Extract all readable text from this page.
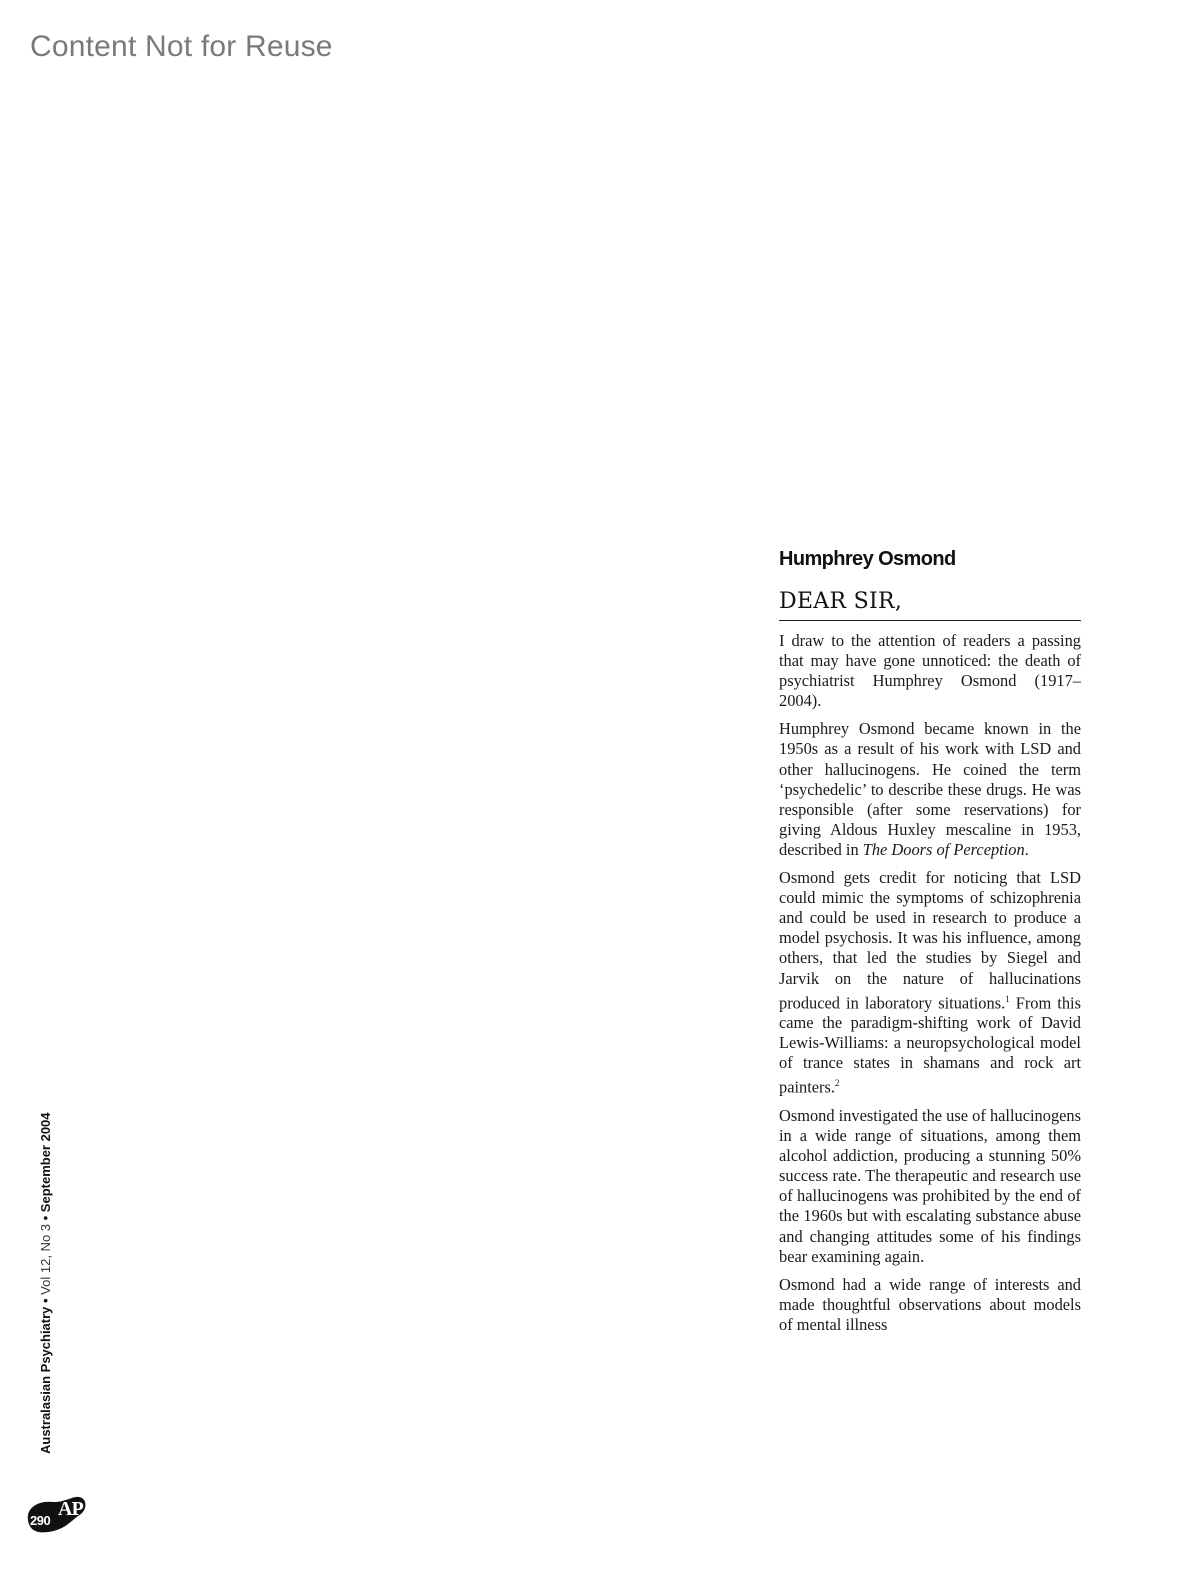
Content Not for Reuse
Humphrey Osmond
DEAR SIR,

I draw to the attention of readers a passing that may have gone unnoticed: the death of psychiatrist Humphrey Osmond (1917–2004).

Humphrey Osmond became known in the 1950s as a result of his work with LSD and other hallucinogens. He coined the term ‘psychedelic’ to describe these drugs. He was responsible (after some reservations) for giving Aldous Huxley mescaline in 1953, described in The Doors of Perception.

Osmond gets credit for noticing that LSD could mimic the symptoms of schizophrenia and could be used in research to produce a model psychosis. It was his influence, among others, that led the studies by Siegel and Jarvik on the nature of hallucinations produced in laboratory situations.$^1$ From this came the paradigm-shifting work of David Lewis-Williams: a neuropsychological model of trance states in shamans and rock art painters.$^2$

Osmond investigated the use of hallucinogens in a wide range of situations, among them alcohol addiction, producing a stunning 50% success rate. The therapeutic and research use of hallucinogens was prohibited by the end of the 1960s but with escalating substance abuse and changing attitudes some of his findings bear examining again.

Osmond had a wide range of interests and made thoughtful observations about models of mental illness

Australasian Psychiatry • Vol 12, No 3 • September 2004
290
AP
